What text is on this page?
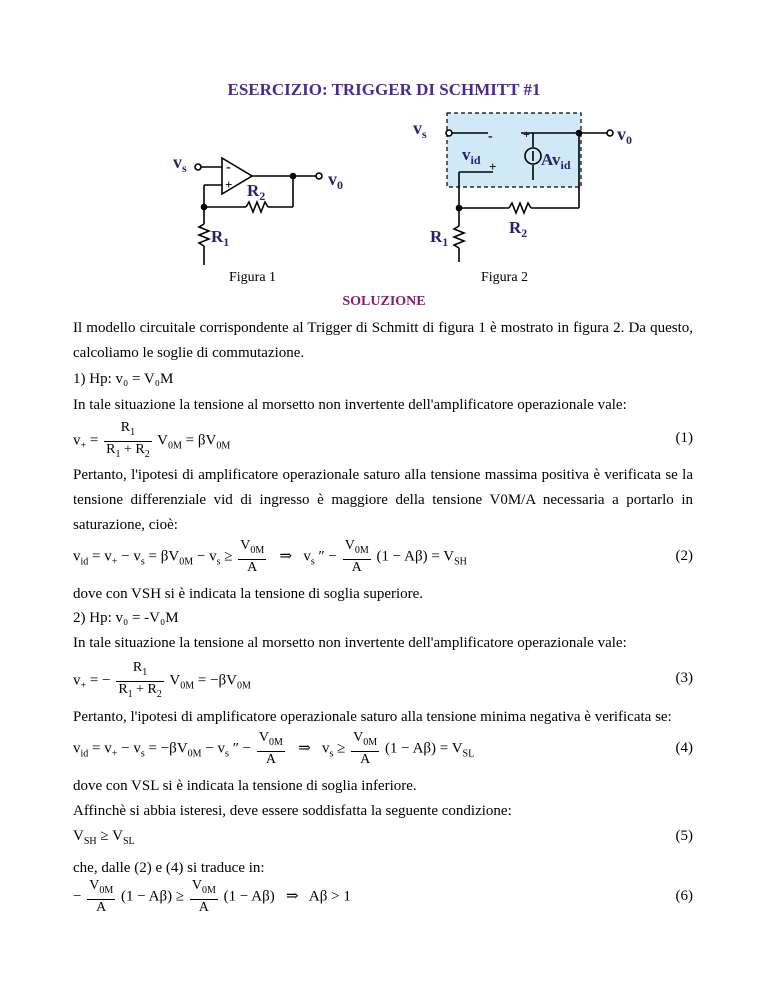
ESERCIZIO: TRIGGER DI SCHMITT #1
-
+
$v_s$
$v_0$
$R_2$
$R_1$
-	+
+
$v_s$	$v_0$
$v_{id}$	$Av_{id}$
$R_2$
$R_1$
Figura 1	Figura 2
SOLUZIONE
Il modello circuitale corrispondente al Trigger di Schmitt di figura 1 è mostrato in figura 2. Da questo, calcoliamo le soglie di commutazione.
1) Hp: v₀ = V₀M
In tale situazione la tensione al morsetto non invertente dell'amplificatore operazionale vale:
$v_+ = \frac{R_1}{R_1 + R_2} V_{0M} = \beta V_{0M}$
(1)
Pertanto, l'ipotesi di amplificatore operazionale saturo alla tensione massima positiva è verificata se la tensione differenziale vid di ingresso è maggiore della tensione V0M/A necessaria a portarlo in saturazione, cioè:
$v_{id} = v_+ - v_s = \beta V_{0M} - v_s \ge \frac{V_{0M}}{A}$ ⇒   $v_s$ ″ − $\frac{V_{0M}}{A} (1 - A\beta) = V_{SH}$	(2)
dove con VSH si è indicata la tensione di soglia superiore.
2) Hp: v₀ = -V₀M
In tale situazione la tensione al morsetto non invertente dell'amplificatore operazionale vale:
$v_+$ = − $\frac{R_1}{R_1 + R_2} V_{0M} = -\beta V_{0M}$
(3)
Pertanto, l'ipotesi di amplificatore operazionale saturo alla tensione minima negativa è verificata se:
$v_{id} = v_+ - v_s = -\beta V_{0M} - v_s$ ″ − $\frac{V_{0M}}{A}$ ⇒   $v_s \ge \frac{V_{0M}}{A} (1 - A\beta) = V_{SL}$	(4)
dove con VSL si è indicata la tensione di soglia inferiore.
Affinchè si abbia isteresi, deve essere soddisfatta la seguente condizione:
$V_{SH} \ge V_{SL}$	(5)
che, dalle (2) e (4) si traduce in:
− $\frac{V_{0M}}{A} (1 - A\beta) \ge \frac{V_{0M}}{A} (1 - A\beta)$   ⇒   Aβ > 1	(6)
